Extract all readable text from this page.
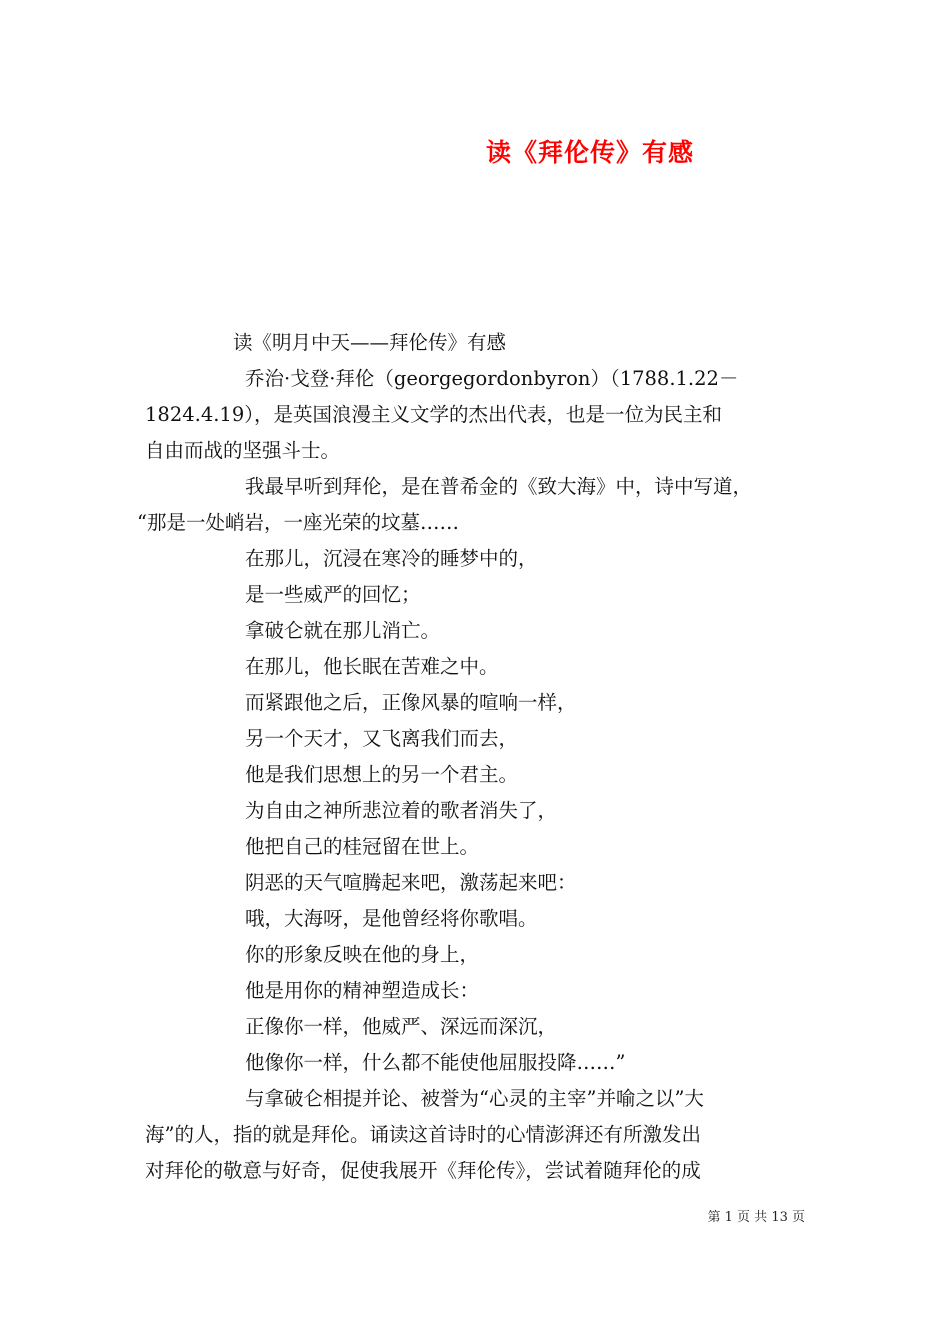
读《拜伦传》有感
读《明月中天——拜伦传》有感
乔治·戈登·拜伦（georgegordonbyron）（1788.1.22－
1824.4.19），是英国浪漫主义文学的杰出代表，也是一位为民主和
自由而战的坚强斗士。
我最早听到拜伦，是在普希金的《致大海》中，诗中写道，
“那是一处峭岩，一座光荣的坟墓……
在那儿，沉浸在寒冷的睡梦中的，
是一些威严的回忆；
拿破仑就在那儿消亡。
在那儿，他长眠在苦难之中。
而紧跟他之后，正像风暴的喧响一样，
另一个天才，又飞离我们而去，
他是我们思想上的另一个君主。
为自由之神所悲泣着的歌者消失了，
他把自己的桂冠留在世上。
阴恶的天气喧腾起来吧，激荡起来吧：
哦，大海呀，是他曾经将你歌唱。
你的形象反映在他的身上，
他是用你的精神塑造成长：
正像你一样，他威严、深远而深沉，
他像你一样，什么都不能使他屈服投降……”
与拿破仑相提并论、被誉为“心灵的主宰”并喻之以”大
海”的人，指的就是拜伦。诵读这首诗时的心情澎湃还有所激发出
对拜伦的敬意与好奇，促使我展开《拜伦传》，尝试着随拜伦的成
第 1 页 共 13 页
